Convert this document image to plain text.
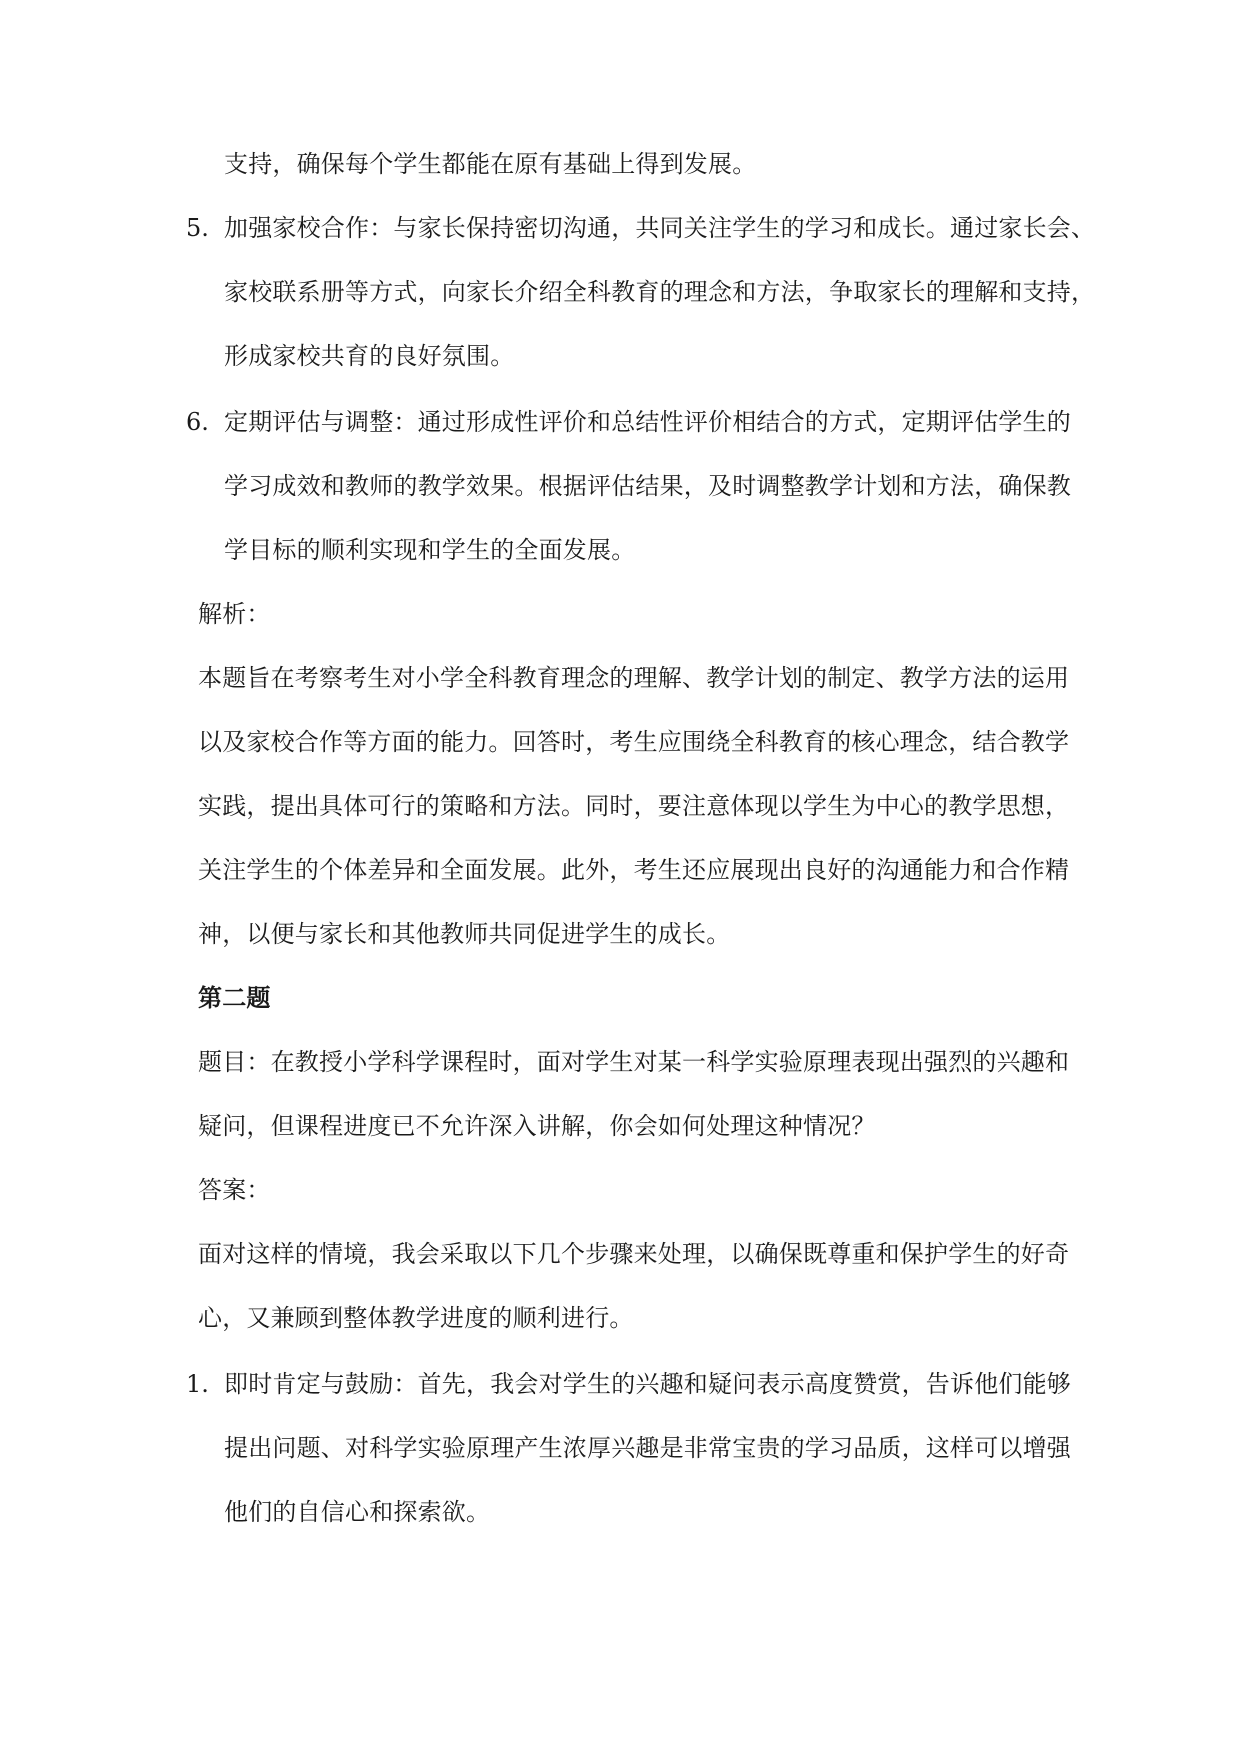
支持，确保每个学生都能在原有基础上得到发展。
5. 加强家校合作：与家长保持密切沟通，共同关注学生的学习和成长。通过家长会、
家校联系册等方式，向家长介绍全科教育的理念和方法，争取家长的理解和支持，
形成家校共育的良好氛围。
6. 定期评估与调整：通过形成性评价和总结性评价相结合的方式，定期评估学生的
学习成效和教师的教学效果。根据评估结果，及时调整教学计划和方法，确保教
学目标的顺利实现和学生的全面发展。
解析：
本题旨在考察考生对小学全科教育理念的理解、教学计划的制定、教学方法的运用
以及家校合作等方面的能力。回答时，考生应围绕全科教育的核心理念，结合教学
实践，提出具体可行的策略和方法。同时，要注意体现以学生为中心的教学思想，
关注学生的个体差异和全面发展。此外，考生还应展现出良好的沟通能力和合作精
神，以便与家长和其他教师共同促进学生的成长。
第二题
题目：在教授小学科学课程时，面对学生对某一科学实验原理表现出强烈的兴趣和
疑问，但课程进度已不允许深入讲解，你会如何处理这种情况？
答案：
面对这样的情境，我会采取以下几个步骤来处理，以确保既尊重和保护学生的好奇
心，又兼顾到整体教学进度的顺利进行。
1. 即时肯定与鼓励：首先，我会对学生的兴趣和疑问表示高度赞赏，告诉他们能够
提出问题、对科学实验原理产生浓厚兴趣是非常宝贵的学习品质，这样可以增强
他们的自信心和探索欲。
